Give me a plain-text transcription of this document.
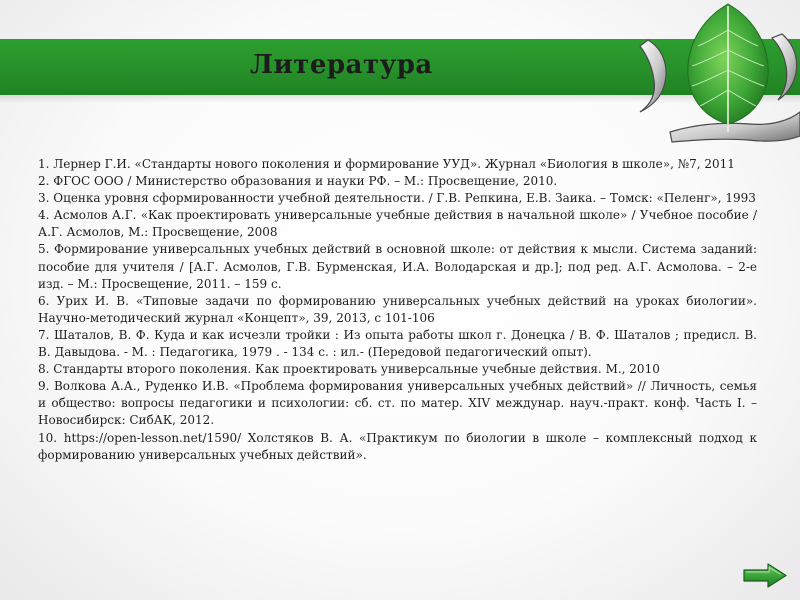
Литература
1. Лернер Г.И. «Стандарты нового поколения и формирование УУД». Журнал «Биология в школе», №7, 2011
2. ФГОС ООО / Министерство образования и науки РФ. – М.: Просвещение, 2010.
3. Оценка уровня сформированности учебной деятельности. / Г.В. Репкина, Е.В. Заика. – Томск: «Пеленг», 1993
4. Асмолов А.Г. «Как проектировать универсальные учебные действия в начальной школе» / Учебное пособие / А.Г. Асмолов, М.: Просвещение, 2008
5. Формирование универсальных учебных действий в основной школе: от действия к мысли. Система заданий: пособие для учителя / [А.Г. Асмолов, Г.В. Бурменская, И.А. Володарская и др.]; под ред. А.Г. Асмолова. – 2-е изд. – М.: Просвещение, 2011. – 159 с.
6. Урих И. В. «Типовые задачи по формированию универсальных учебных действий на уроках биологии». Научно-методический журнал «Концепт», 39, 2013, с 101-106
7. Шаталов, В. Ф. Куда и как исчезли тройки : Из опыта работы школ г. Донецка / В. Ф. Шаталов ; предисл. В. В. Давыдова. - М. : Педагогика, 1979 . - 134 с. : ил.- (Передовой педагогический опыт).
8. Стандарты второго поколения. Как проектировать универсальные учебные действия. М., 2010
9. Волкова А.А., Руденко И.В. «Проблема формирования универсальных учебных действий» // Личность, семья и общество: вопросы педагогики и психологии: сб. ст. по матер. XIV междунар. науч.-практ. конф. Часть I. – Новосибирск: СибАК, 2012.
10. https://open-lesson.net/1590/ Холстяков В. А. «Практикум по биологии в школе – комплексный подход к формированию универсальных учебных действий».
